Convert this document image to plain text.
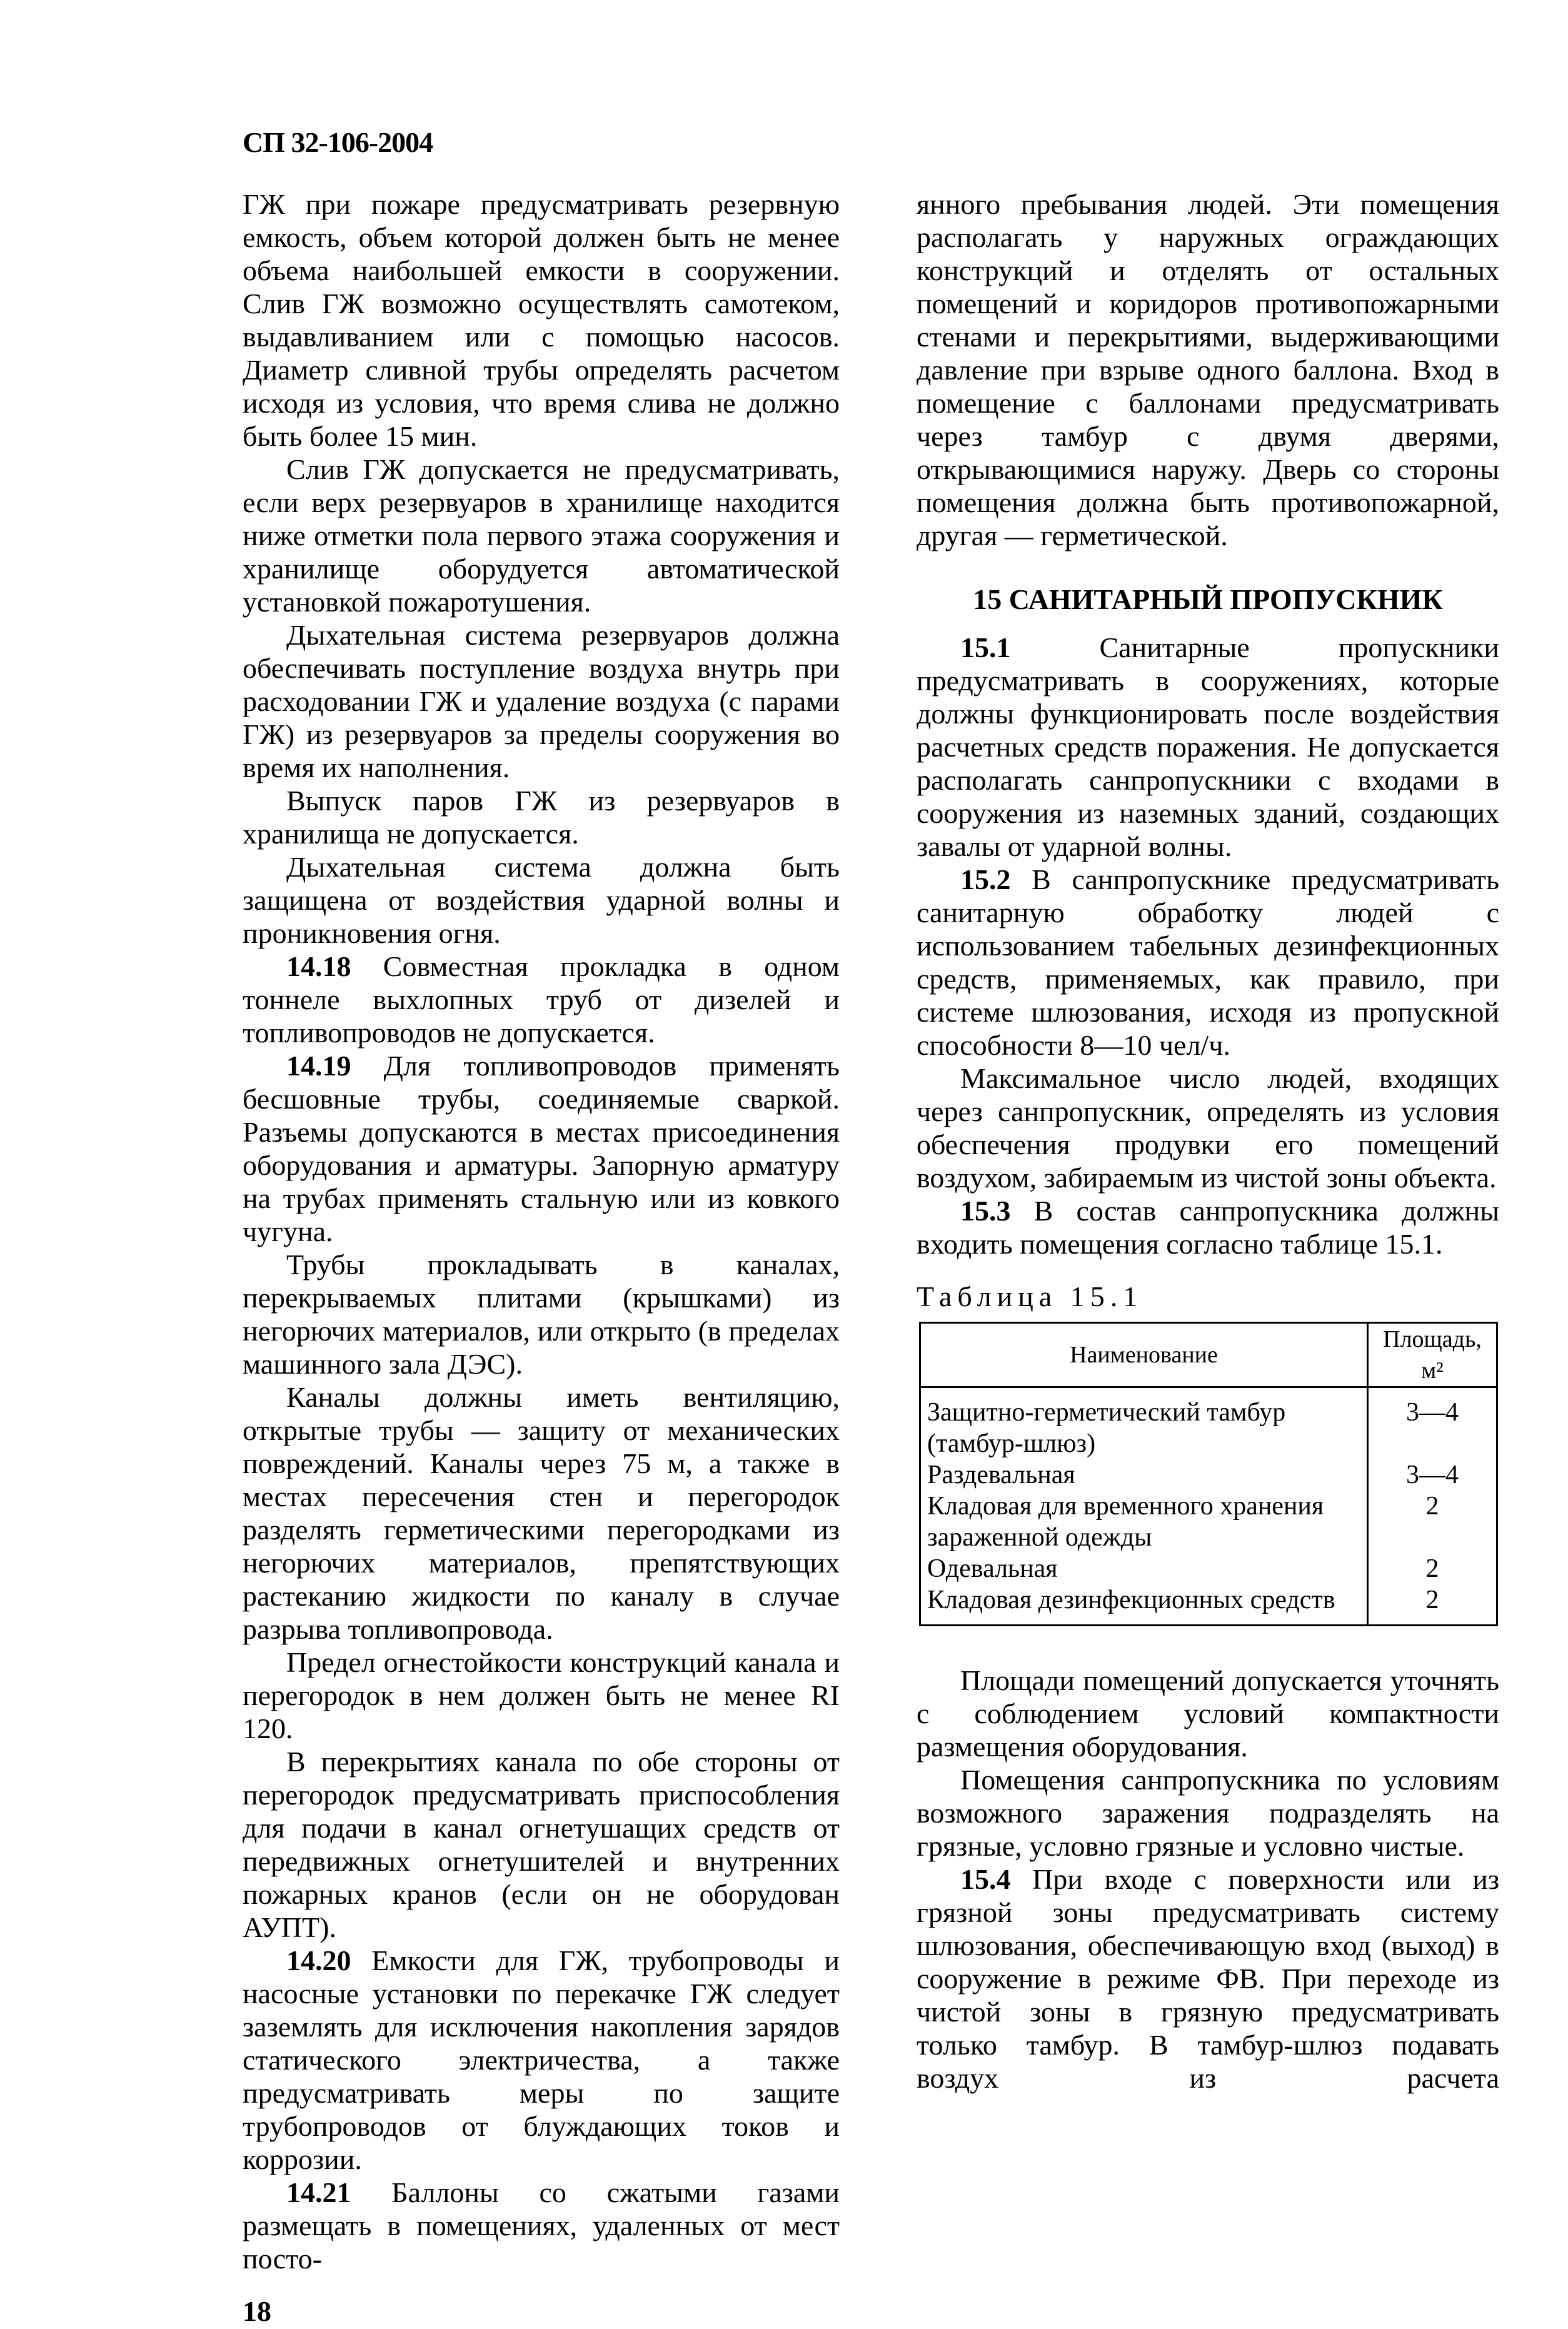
СП 32-106-2004

ГЖ при пожаре предусматривать резервную емкость, объем которой должен быть не менее объема наибольшей емкости в сооружении. Слив ГЖ возможно осуществлять самотеком, выдавливанием или с помощью насосов. Диаметр сливной трубы определять расчетом исходя из условия, что время слива не должно быть более 15 мин.

Слив ГЖ допускается не предусматривать, если верх резервуаров в хранилище находится ниже отметки пола первого этажа сооружения и хранилище оборудуется автоматической установкой пожаротушения.

Дыхательная система резервуаров должна обеспечивать поступление воздуха внутрь при расходовании ГЖ и удаление воздуха (с парами ГЖ) из резервуаров за пределы сооружения во время их наполнения.

Выпуск паров ГЖ из резервуаров в хранилища не допускается.

Дыхательная система должна быть защищена от воздействия ударной волны и проникновения огня.

14.18 Совместная прокладка в одном тоннеле выхлопных труб от дизелей и топливопроводов не допускается.

14.19 Для топливопроводов применять бесшовные трубы, соединяемые сваркой. Разъемы допускаются в местах присоединения оборудования и арматуры. Запорную арматуру на трубах применять стальную или из ковкого чугуна.

Трубы прокладывать в каналах, перекрываемых плитами (крышками) из негорючих материалов, или открыто (в пределах машинного зала ДЭС).

Каналы должны иметь вентиляцию, открытые трубы — защиту от механических повреждений. Каналы через 75 м, а также в местах пересечения стен и перегородок разделять герметическими перегородками из негорючих материалов, препятствующих растеканию жидкости по каналу в случае разрыва топливопровода.

Предел огнестойкости конструкций канала и перегородок в нем должен быть не менее RI 120.

В перекрытиях канала по обе стороны от перегородок предусматривать приспособления для подачи в канал огнетушащих средств от передвижных огнетушителей и внутренних пожарных кранов (если он не оборудован АУПТ).

14.20 Емкости для ГЖ, трубопроводы и насосные установки по перекачке ГЖ следует заземлять для исключения накопления зарядов статического электричества, а также предусматривать меры по защите трубопроводов от блуждающих токов и коррозии.

14.21 Баллоны со сжатыми газами размещать в помещениях, удаленных от мест посто-

18

янного пребывания людей. Эти помещения располагать у наружных ограждающих конструкций и отделять от остальных помещений и коридоров противопожарными стенами и перекрытиями, выдерживающими давление при взрыве одного баллона. Вход в помещение с баллонами предусматривать через тамбур с двумя дверями, открывающимися наружу. Дверь со стороны помещения должна быть противопожарной, другая — герметической.

15 САНИТАРНЫЙ ПРОПУСКНИК

15.1	Санитарные пропускники предусматривать в сооружениях, которые должны функционировать после воздействия расчетных средств поражения. Не допускается располагать санпропускники с входами в сооружения из наземных зданий, создающих завалы от ударной волны.

15.2 В санпропускнике предусматривать санитарную обработку людей с использованием табельных дезинфекционных средств, применяемых, как правило, при системе шлюзования, исходя из пропускной способности 8—10 чел/ч.

Максимальное число людей, входящих через санпропускник, определять из условия обеспечения продувки его помещений воздухом, забираемым из чистой зоны объекта.

15.3 В состав санпропускника должны входить помещения согласно таблице 15.1.

Таблица 15.1
Наименование	Площадь, м²
Защитно-герметический тамбур (тамбур-шлюз)	3—4
Раздевальная	3—4
Кладовая для временного хранения зараженной одежды	2
Одевальная	2
Кладовая дезинфекционных средств	2

Площади помещений допускается уточнять с соблюдением условий компактности размещения оборудования.

Помещения санпропускника по условиям возможного заражения подразделять на грязные, условно грязные и условно чистые.

15.4 При входе с поверхности или из грязной зоны предусматривать систему шлюзования, обеспечивающую вход (выход) в сооружение в режиме ФВ. При переходе из чистой зоны в грязную предусматривать только тамбур. В тамбур-шлюз подавать воздух из расчета
